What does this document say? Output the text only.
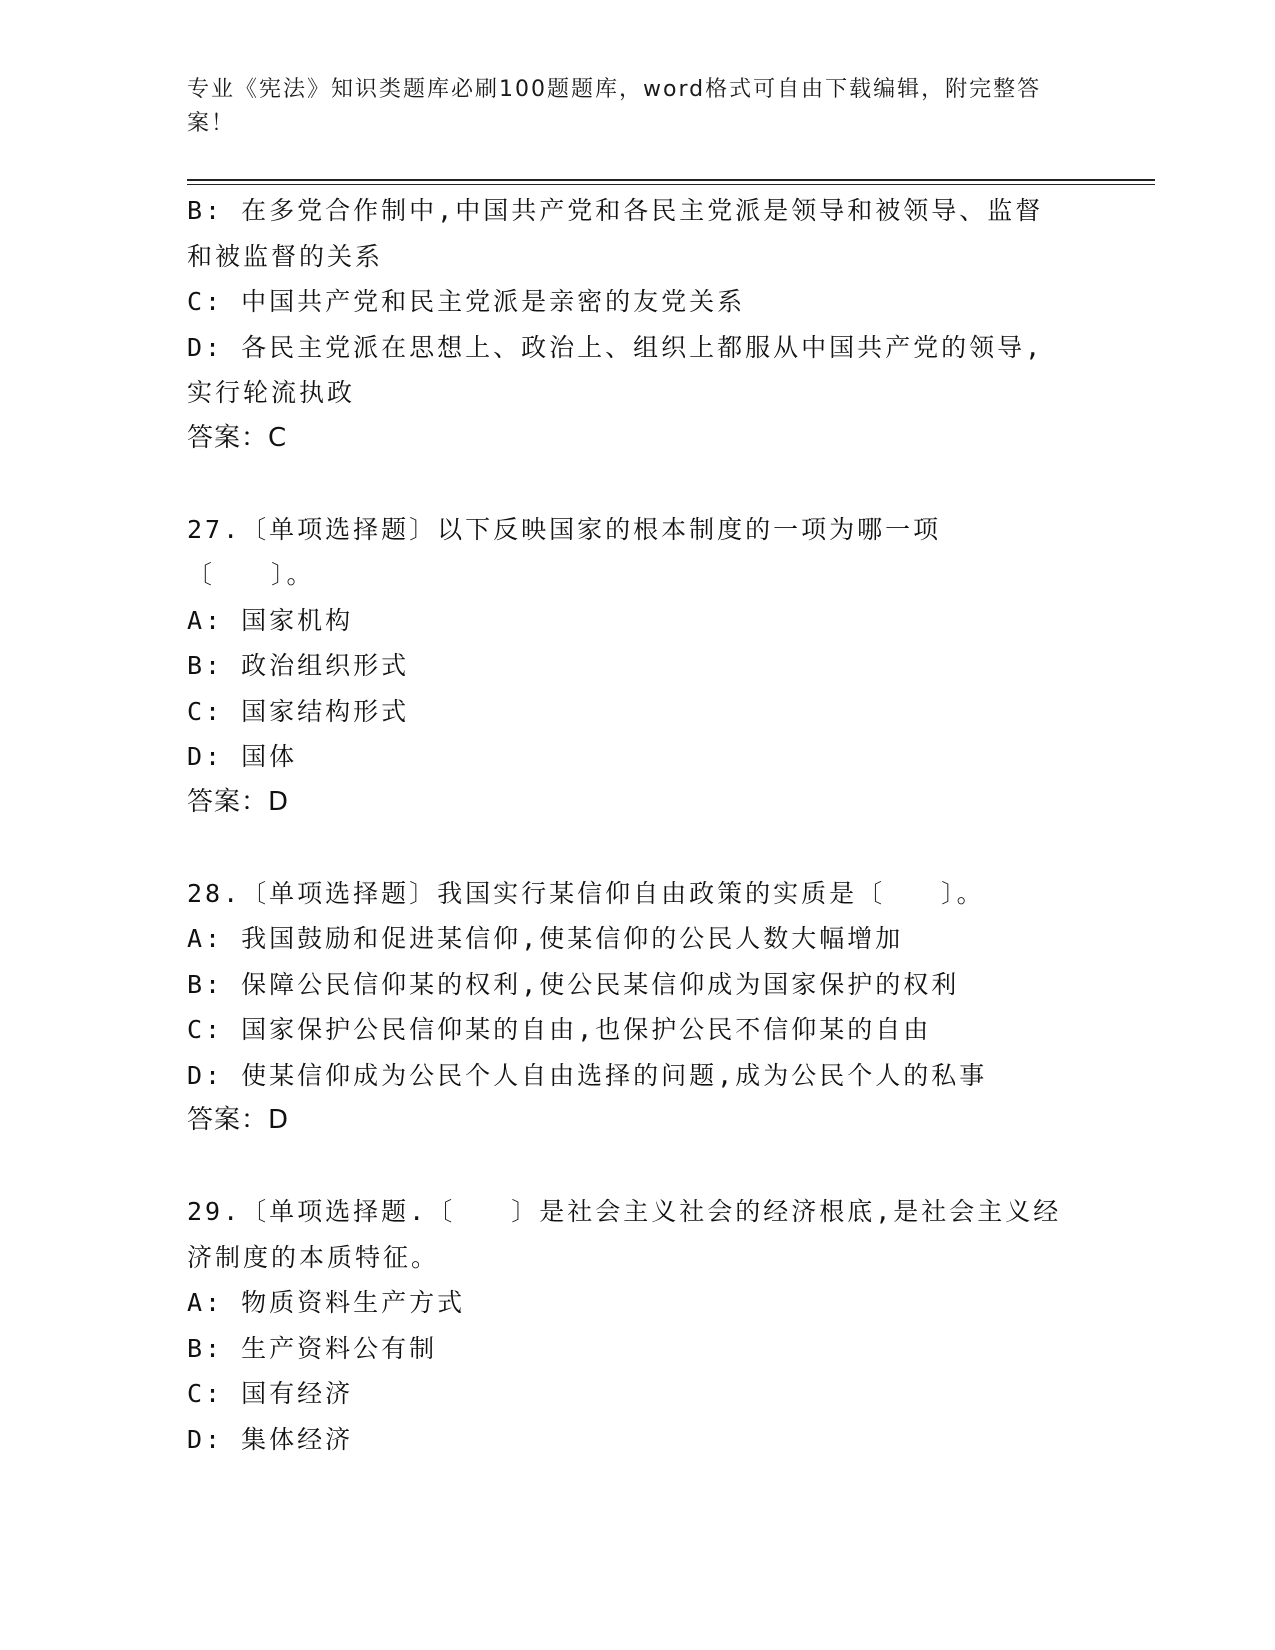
专业《宪法》知识类题库必刷100题题库，word格式可自由下载编辑，附完整答案！

B: 在多党合作制中,中国共产党和各民主党派是领导和被领导、监督和被监督的关系

C: 中国共产党和民主党派是亲密的友党关系

D: 各民主党派在思想上、政治上、组织上都服从中国共产党的领导,实行轮流执政

答案：C

27.〔单项选择题〕以下反映国家的根本制度的一项为哪一项〔　　〕。

A: 国家机构

B: 政治组织形式

C: 国家结构形式

D: 国体

答案：D

28.〔单项选择题〕我国实行某信仰自由政策的实质是〔　　〕。

A: 我国鼓励和促进某信仰,使某信仰的公民人数大幅增加

B: 保障公民信仰某的权利,使公民某信仰成为国家保护的权利

C: 国家保护公民信仰某的自由,也保护公民不信仰某的自由

D: 使某信仰成为公民个人自由选择的问题,成为公民个人的私事

答案：D

29.〔单项选择题.〔　　〕是社会主义社会的经济根底,是社会主义经济制度的本质特征。

A: 物质资料生产方式

B: 生产资料公有制

C: 国有经济

D: 集体经济
